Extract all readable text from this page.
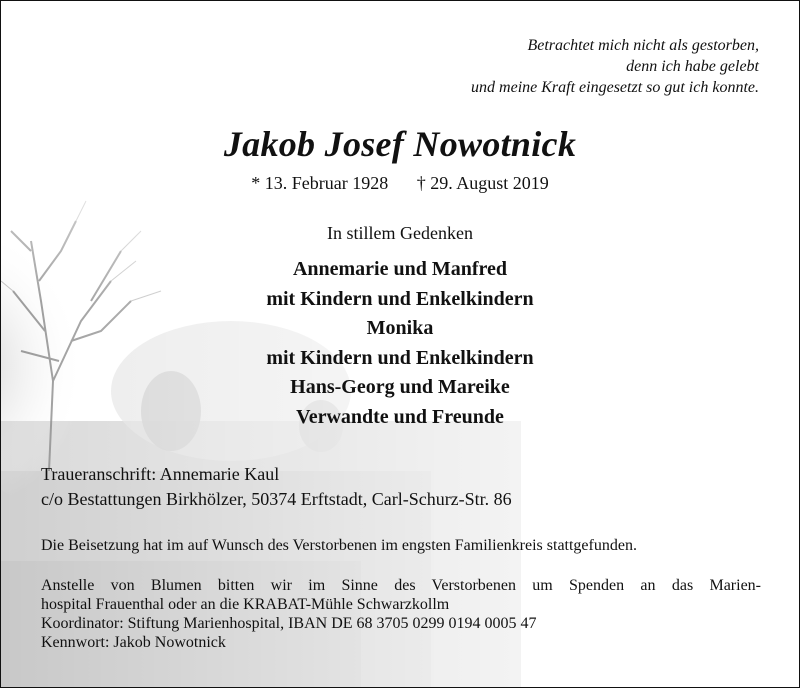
Betrachtet mich nicht als gestorben,
denn ich habe gelebt
und meine Kraft eingesetzt so gut ich konnte.
Jakob Josef Nowotnick
* 13. Februar 1928 † 29. August 2019
In stillem Gedenken
Annemarie und Manfred
mit Kindern und Enkelkindern
Monika
mit Kindern und Enkelkindern
Hans-Georg und Mareike
Verwandte und Freunde
Traueranschrift: Annemarie Kaul
c/o Bestattungen Birkhölzer, 50374 Erftstadt, Carl-Schurz-Str. 86
Die Beisetzung hat im auf Wunsch des Verstorbenen im engsten Familienkreis stattgefunden.
Anstelle von Blumen bitten wir im Sinne des Verstorbenen um Spenden an das Marien-
hospital Frauenthal oder an die KRABAT-Mühle Schwarzkollm
Koordinator: Stiftung Marienhospital, IBAN DE 68 3705 0299 0194 0005 47
Kennwort: Jakob Nowotnick
